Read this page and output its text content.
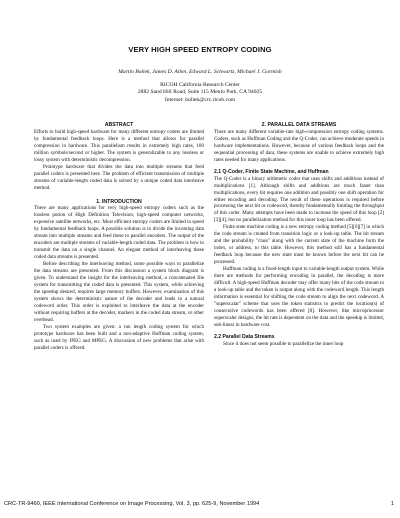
VERY HIGH SPEED ENTROPY CODING
Martin Boliek, James D. Allen, Edward L. Schwartz, Michael J. Gormish
RICOH California Research Center
2882 Sand Hill Road, Suite 115 Menlo Park, CA 94025
Internet: boliek@crc.ricoh.com
ABSTRACT

Efforts to build high-speed hardware for many different entropy coders are limited by fundamental feedback loops. Here is a method that allows for parallel compression in hardware. This parallelism results in extremely high rates, 100 million symbols/second or higher. The system is generalizable to any lossless or lossy system with deterministic decompression.

Prototype hardware that divides the data into multiple streams that feed parallel coders is presented here. The problem of efficient transmission of multiple streams of variable-length coded data is solved by a unique coded data interleave method.

1. INTRODUCTION

There are many applications for very high-speed entropy coders such as the lossless potion of High Definition Television, high-speed computer networks, expensive satellite networks, etc. Most efficient entropy coders are limited in speed by fundamental feedback loops. A possible solution is to divide the incoming data stream into multiple streams and feed these to parallel encoders. The output of the encoders are multiple streams of variable-length coded data. The problem is how to transmit the data on a single channel. An elegant method of interleaving these coded data streams is presented.

Before describing the interleaving method, some possible ways to parallelize the data streams are presented. From this discussion a system block diagram is given. To understand the insight for the interleaving method, a concatenated file system for transmitting the coded data is presented. This system, while achieving the speedup desired, requires large memory buffers. However, examination of this system shows the deterministic nature of the decoder and leads to a natural codeword order. This order is exploited to interleave the data at the encoder without requiring buffers at the decoder, markers in the coded data stream, or other overhead.

Two system examples are given: a run length coding system for which prototype hardware has been built and a non-adaptive Huffman coding system, such as used by JPEG and MPEG. A discussion of new problems that arise with parallel coders is offered.

2. PARALLEL DATA STREAMS

There are many different variable-rate high-compression entropy coding systems. Coders, such as Huffman Coding and the Q-Coder, can achieve moderate speeds in hardware implementations. However, because of various feedback loops and the sequential processing of data, these systems are unable to achieve extremely high rates needed for many applications.

2.1 Q-Coder, Finite State Machine, and Huffman

The Q-Coder is a binary arithmetic coder that uses shifts and additions instead of multiplications [1]. Although shifts and additions are much faster than multiplications, every bit requires one addition and possibly one shift operation for either encoding and decoding. The result of these operations is required before processing the next bit or codeword, thereby fundamentally limiting the throughput of this coder. Many attempts have been made to increase the speed of this loop [2][3][4], but no parallelization method for this inner loop has been offered.

Finite state machine coding is a new entropy coding method [5][6][7] in which the code stream is created from transition logic or a look-up table. The bit stream and the probability "class" along with the current state of the machine form the index, or address, to this table. However, this method still has a fundamental feedback loop because the new state must be known before the next bit can be processed.

Huffman coding is a fixed-length input to variable-length output system. While there are methods for performing encoding in parallel, the decoding is more difficult. A high-speed Huffman decoder may offer many bits of the code stream to a look-up table and the token is output along with the codeword length. This length information is essential for shifting the code stream to align the next codeword. A "superscalar" scheme that uses the token statistics to predict the location(s) of consecutive codewords has been offered [8]. However, like microprocessor superscaler designs, the hit rate is dependent on the data and the speedup is limited, sub-linear in hardware cost.

2.2 Parallel Data Streams

Since it does not seem possible to parallelize the inner loop

CRC-TR-9460, IEEE International Conference on Image Processing, Vol. 3, pp. 625-9, November 1994	1
